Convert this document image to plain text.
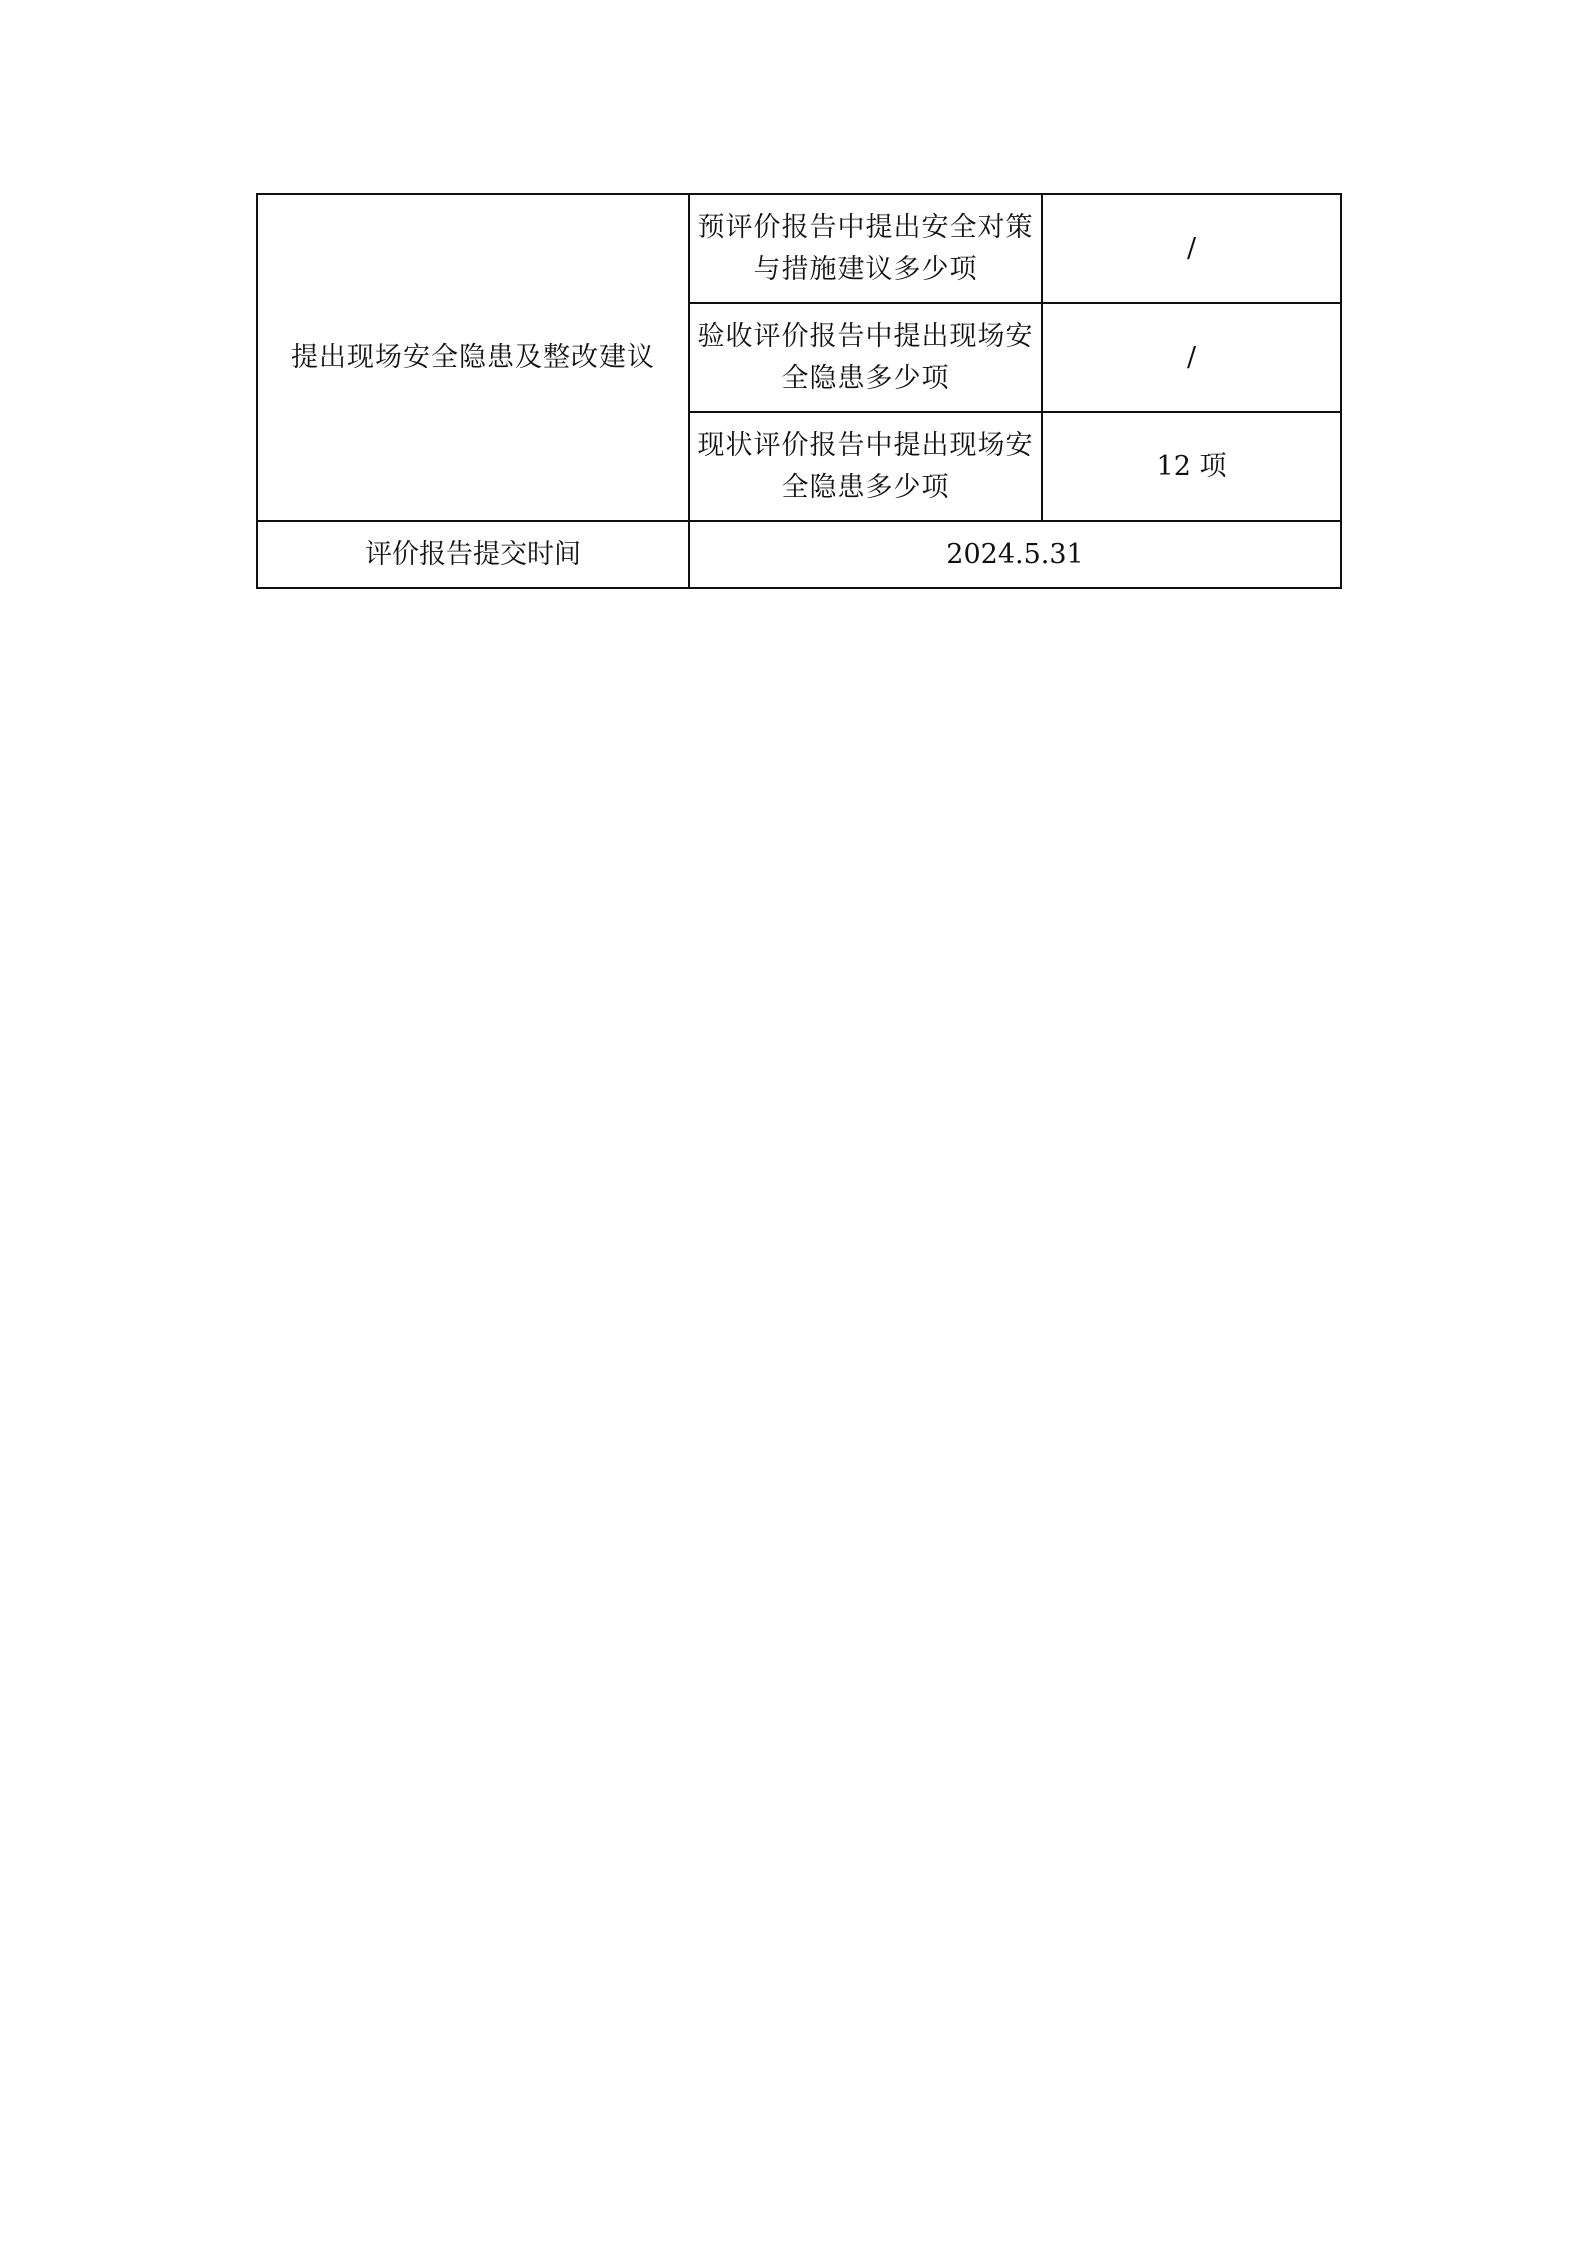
提出现场安全隐患及整改建议	预评价报告中提出安全对策与措施建议多少项	/

	验收评价报告中提出现场安全隐患多少项	/

	现状评价报告中提出现场安全隐患多少项	12 项
评价报告提交时间	2024.5.31	
